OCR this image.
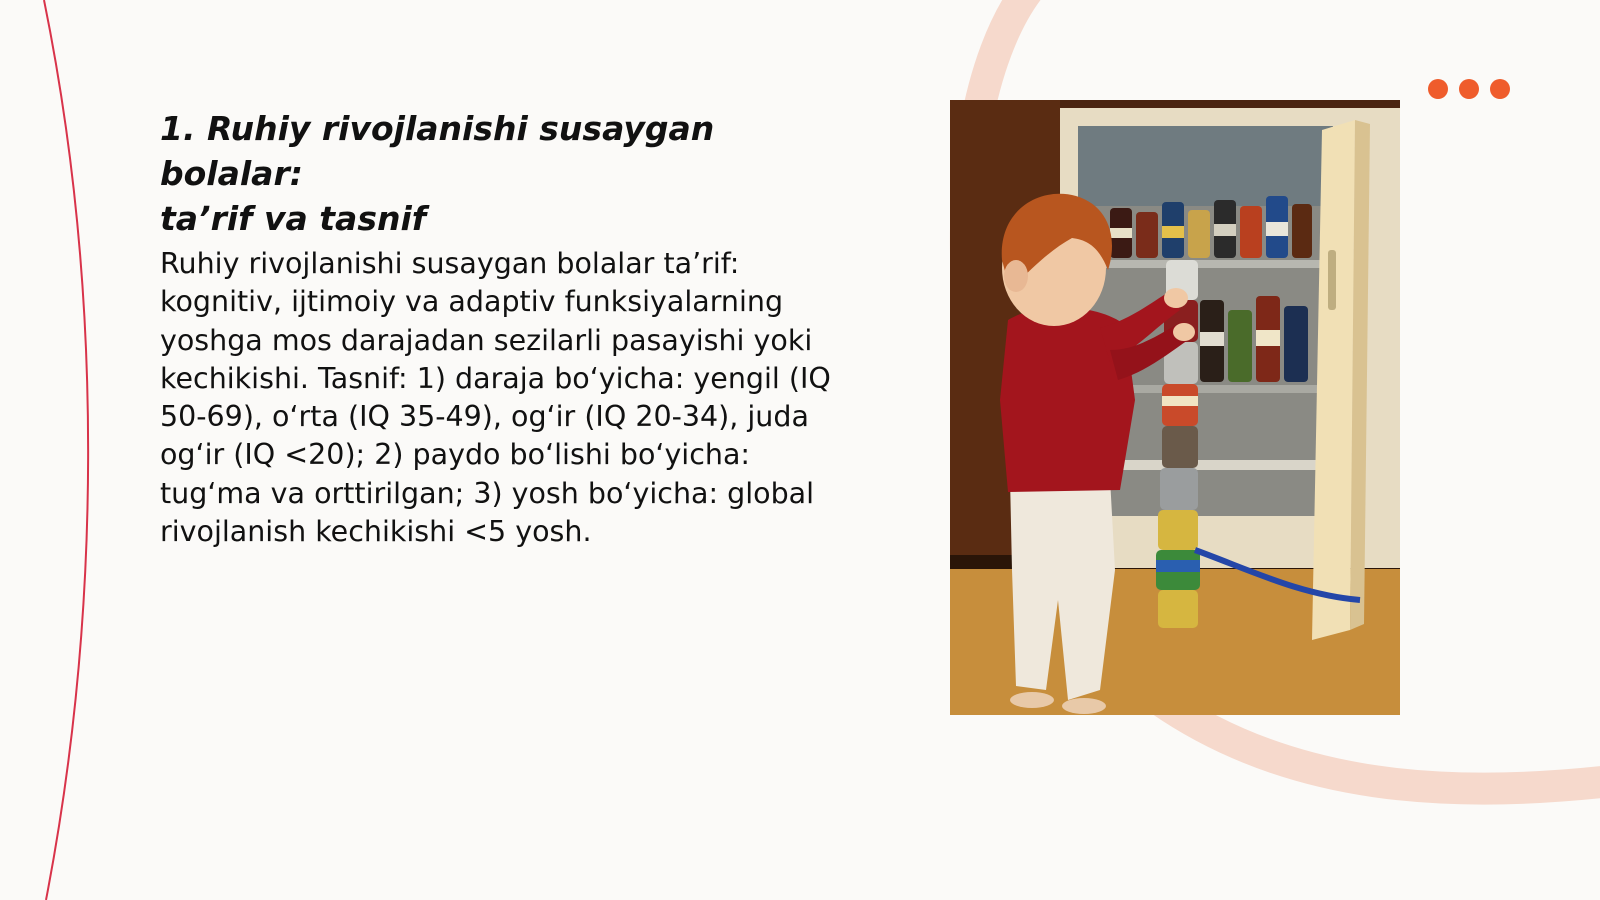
1. Ruhiy rivojlanishi susaygan bolalar:
ta’rif va tasnif

Ruhiy rivojlanishi susaygan bolalar ta’rif: kognitiv, ijtimoiy va adaptiv funksiyalarning yoshga mos darajadan sezilarli pasayishi yoki kechikishi. Tasnif: 1) daraja bo‘yicha: yengil (IQ 50-69), o‘rta (IQ 35-49), og‘ir (IQ 20-34), juda og‘ir (IQ <20); 2) paydo bo‘lishi bo‘yicha: tug‘ma va orttirilgan; 3) yosh bo‘yicha: global rivojlanish kechikishi <5 yosh.
